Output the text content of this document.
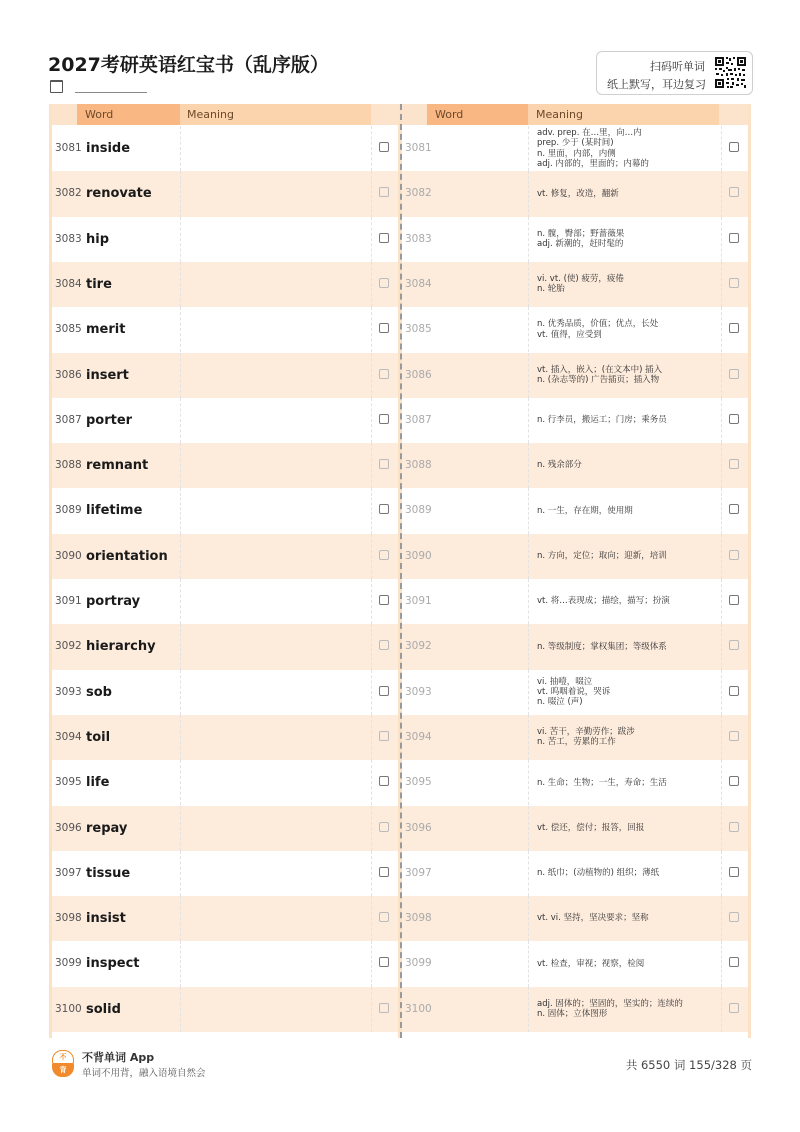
2027考研英语红宝书（乱序版）	扫码听单词
纸上默写，耳边复习
Word	Meaning
3081 inside
3082 renovate
3083 hip
3084 tire
3085 merit
3086 insert
3087 porter
3088 remnant
3089 lifetime
3090 orientation
3091 portray
3092 hierarchy
3093 sob
3094 toil
3095 life
3096 repay
3097 tissue
3098 insist
3099 inspect
3100 solid
Word	Meaning
3081
adv. prep. 在…里，向…内
prep. 少于 (某时间)
n. 里面，内部，内侧
adj. 内部的，里面的；内幕的
3082	vt. 修复，改造，翻新
3083	n. 髋，臀部；野蔷薇果
adj. 新潮的，赶时髦的
3084	vi. vt. (使) 疲劳，疲倦
n. 轮胎
3085	n. 优秀品质，价值；优点，长处
vt. 值得，应受到
3086	vt. 插入，嵌入；(在文本中) 插入
n. (杂志等的) 广告插页；插入物
3087	n. 行李员，搬运工；门房；乘务员
3088	n. 残余部分
3089	n. 一生，存在期，使用期
3090	n. 方向，定位；取向；迎新，培训
3091	vt. 将…表现成；描绘，描写；扮演
3092	n. 等级制度；掌权集团；等级体系
3093
vi. 抽噎，啜泣
vt. 呜咽着说，哭诉
n. 啜泣 (声)
3094	vi. 苦干，辛勤劳作；跋涉
n. 苦工，劳累的工作
3095	n. 生命；生物；一生，寿命；生活
3096	vt. 偿还，偿付；报答，回报
3097	n. 纸巾；(动植物的) 组织；薄纸
3098	vt. vi. 坚持，坚决要求；坚称
3099	vt. 检查，审视；视察，检阅
3100	adj. 固体的；坚固的，坚实的；连续的
n. 固体；立体图形
不
背
不背单词 App
单词不用背，融入语境自然会
共 6550 词 155/328 页
